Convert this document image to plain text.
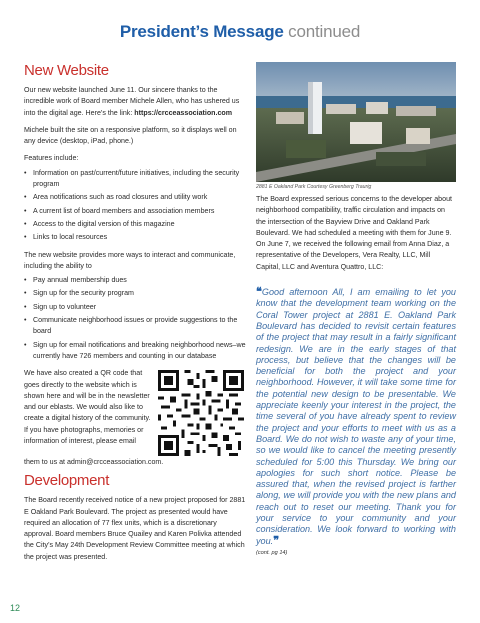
President’s Message continued
New Website

Our new website launched June 11. Our sincere thanks to the incredible work of Board member Michele Allen, who has ushered us into the digital age. Here’s the link: https://crcceassociation.com

Michele built the site on a responsive platform, so it displays well on any device (desktop, iPad, phone.)

Features include:

• Information on past/current/future initiatives, including the security program
• Area notifications such as road closures and utility work
• A current list of board members and association members
• Access to the digital version of this magazine
• Links to local resources

The new website provides more ways to interact and communicate, including the ability to

• Pay annual membership dues
• Sign up for the security program
• Sign up to volunteer
• Communicate neighborhood issues or provide suggestions to the board
• Sign up for email notifications and breaking neighborhood news–we currently have 726 members and counting in our database

We have also created a QR code that goes directly to the website which is shown here and will be in the newsletter and our eblasts. We would also like to create a digital history of the community. If you have photographs, memories or information of interest, please email

them to us at admin@crcceassociation.com.

Development

The Board recently received notice of a new project proposed for 2881 E Oakland Park Boulevard. The project as presented would have required an allocation of 77 flex units, which is a discretionary approval. Board members Bruce Quailey and Karen Polivka attended the City’s May 24th Development Review Committee meeting at which the project was presented.

2881 E Oakland Park Courtesy Greenberg Traurig

The Board expressed serious concerns to the developer about neighborhood compatibility, traffic circulation and impacts on the intersection of the Bayview Drive and Oakland Park Boulevard. We had scheduled a meeting with them for June 9. On June 7, we received the following email from Anna Diaz, a representative of the Developers, Vera Realty, LLC, Mill Capital, LLC and Aventura Quattro, LLC:

❝Good afternoon All, I am emailing to let you know that the development team working on the Coral Tower project at 2881 E. Oakland Park Boulevard has decided to revisit certain features of the project that may result in a fairly significant redesign. We are in the early stages of that process, but believe that the changes will be beneficial for both the project and your neighborhood. However, it will take some time for the potential new design to be presentable. We appreciate keenly your interest in the project, the time several of you have already spent to review the project and your efforts to meet with us as a Board. We do not wish to waste any of your time, so we would like to cancel the meeting presently scheduled for 5:00 this Thursday. We bring our apologies for such short notice. Please be assured that, when the revised project is farther along, we will provide you with the new plans and reach out to reset our meeting. Thank you for your service to your community and your consideration. We look forward to working with you.❞

(cont. pg 14)

12
